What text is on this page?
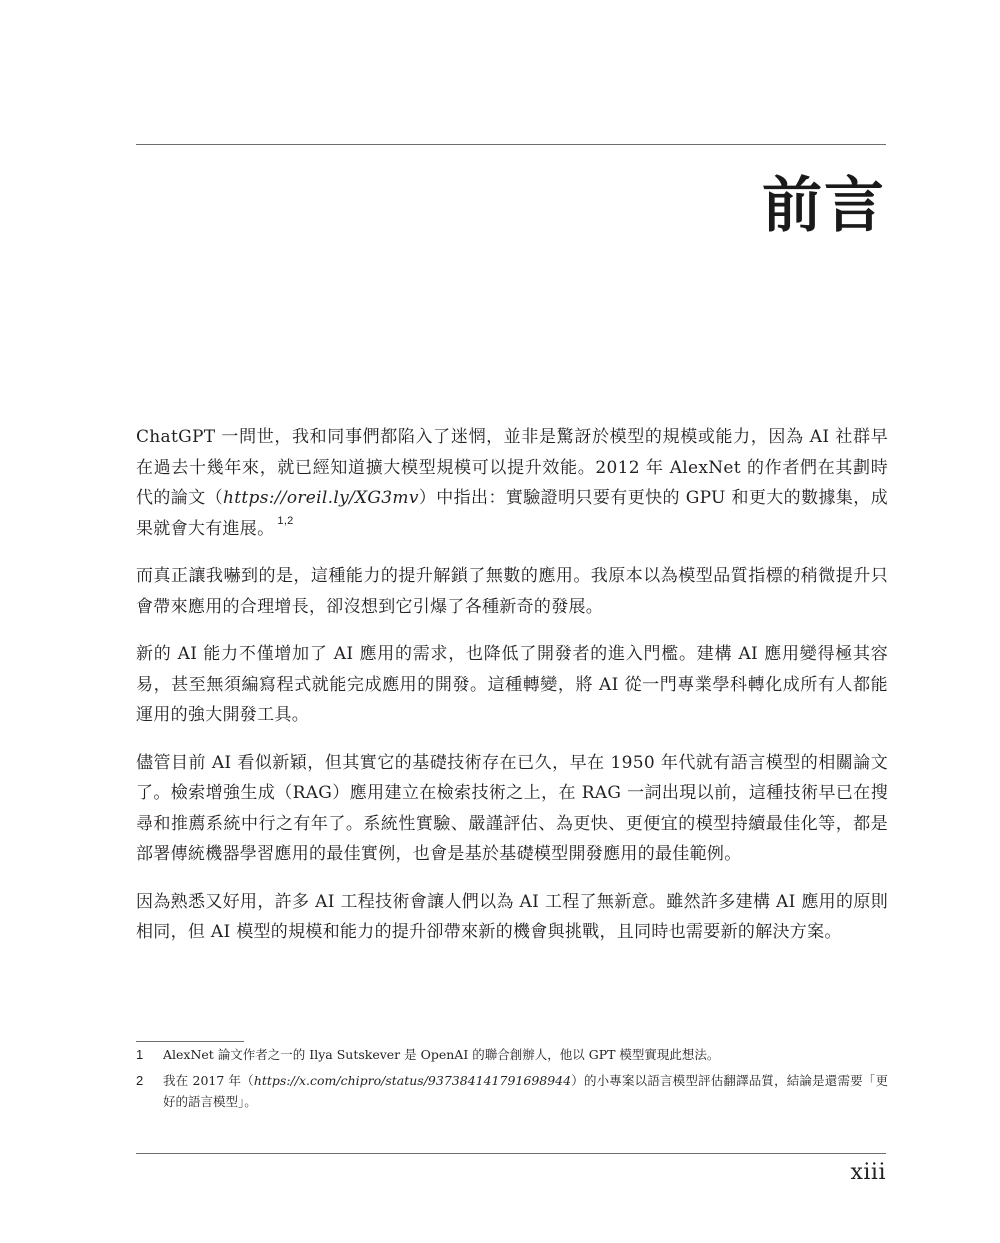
前言

ChatGPT 一問世，我和同事們都陷入了迷惘，並非是驚訝於模型的規模或能力，因為 AI 社群早在過去十幾年來，就已經知道擴大模型規模可以提升效能。2012 年 AlexNet 的作者們在其劃時代的論文（https://oreil.ly/XG3mv）中指出：實驗證明只要有更快的 GPU 和更大的數據集，成果就會大有進展。 $^{1,2}$

而真正讓我嚇到的是，這種能力的提升解鎖了無數的應用。我原本以為模型品質指標的稍微提升只會帶來應用的合理增長，卻沒想到它引爆了各種新奇的發展。

新的 AI 能力不僅增加了 AI 應用的需求，也降低了開發者的進入門檻。建構 AI 應用變得極其容易，甚至無須編寫程式就能完成應用的開發。這種轉變，將 AI 從一門專業學科轉化成所有人都能運用的強大開發工具。

儘管目前 AI 看似新穎，但其實它的基礎技術存在已久，早在 1950 年代就有語言模型的相關論文了。檢索增強生成（RAG）應用建立在檢索技術之上，在 RAG 一詞出現以前，這種技術早已在搜尋和推薦系統中行之有年了。系統性實驗、嚴謹評估、為更快、更便宜的模型持續最佳化等，都是部署傳統機器學習應用的最佳實例，也會是基於基礎模型開發應用的最佳範例。

因為熟悉又好用，許多 AI 工程技術會讓人們以為 AI 工程了無新意。雖然許多建構 AI 應用的原則相同，但 AI 模型的規模和能力的提升卻帶來新的機會與挑戰，且同時也需要新的解決方案。

1 AlexNet 論文作者之一的 Ilya Sutskever 是 OpenAI 的聯合創辦人，他以 GPT 模型實現此想法。
2 我在 2017 年（https://x.com/chipro/status/937384141791698944）的小專案以語言模型評估翻譯品質，結論是還需要「更好的語言模型」。
xiii
